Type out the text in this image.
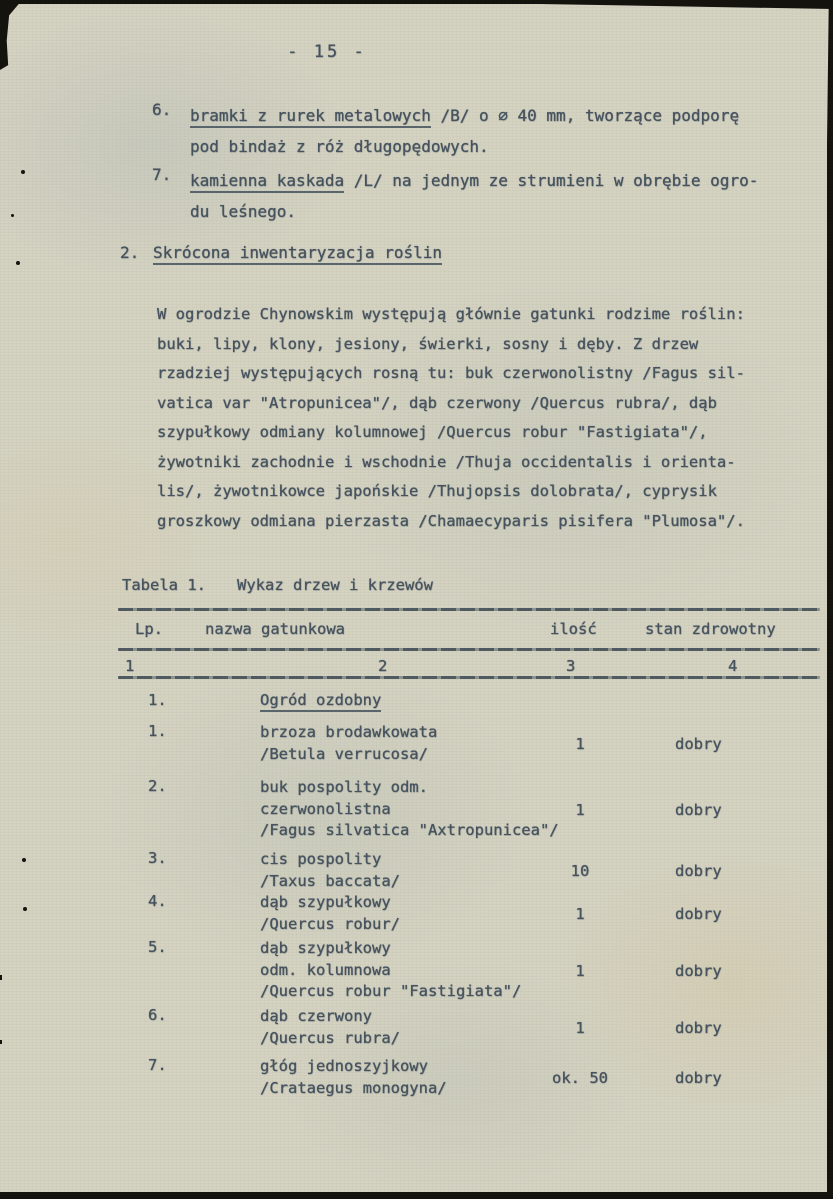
- 15 -
6. bramki z rurek metalowych /B/ o ∅ 40 mm, tworzące podporę
pod bindaż z róż długopędowych.
7. kamienna kaskada /L/ na jednym ze strumieni w obrębie ogro-
du leśnego.
2. Skrócona inwentaryzacja roślin
W ogrodzie Chynowskim występują głównie gatunki rodzime roślin:
buki, lipy, klony, jesiony, świerki, sosny i dęby. Z drzew
rzadziej występujących rosną tu: buk czerwonolistny /Fagus sil-
vatica var "Atropunicea"/, dąb czerwony /Quercus rubra/, dąb
szypułkowy odmiany kolumnowej /Quercus robur "Fastigiata"/,
żywotniki zachodnie i wschodnie /Thuja occidentalis i orienta-
lis/, żywotnikowce japońskie /Thujopsis dolobrata/, cyprysik
groszkowy odmiana pierzasta /Chamaecyparis pisifera "Plumosa"/.
Tabela 1. Wykaz drzew i krzewów
Lp.	nazwa gatunkowa	ilość	stan zdrowotny
1	2	3	4
1.	Ogród ozdobny
1.	brzoza brodawkowata
/Betula verrucosa/
1	dobry
2.	buk pospolity odm.
czerwonolistna
/Fagus silvatica "Axtropunicea"/
1	dobry
3.	cis pospolity
/Taxus baccata/
10	dobry
4.	dąb szypułkowy
/Quercus robur/
1	dobry
5.	dąb szypułkowy
odm. kolumnowa
/Quercus robur "Fastigiata"/
1	dobry
6.	dąb czerwony
/Quercus rubra/
1	dobry
7.	głóg jednoszyjkowy
/Crataegus monogyna/
ok. 50	dobry
